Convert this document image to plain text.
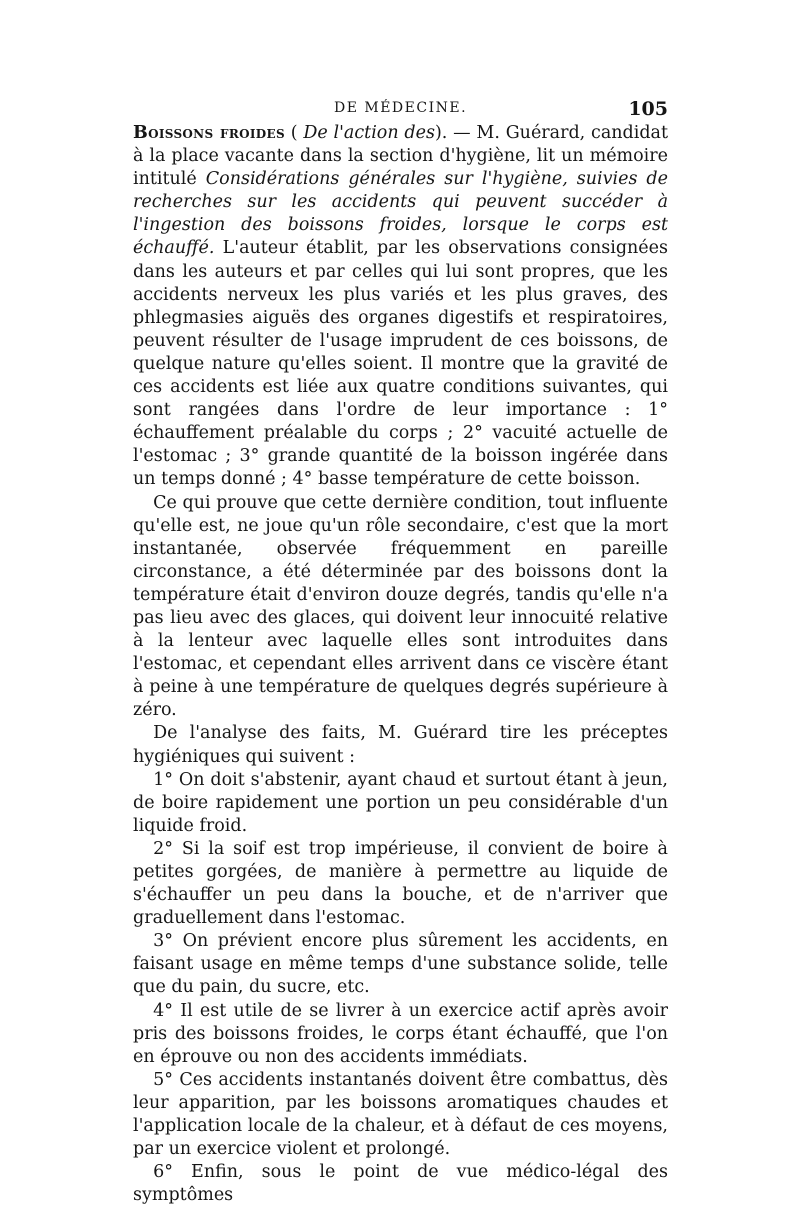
DE MÉDECINE.	105

Boissons froides ( De l'action des). — M. Guérard, candidat à la place vacante dans la section d'hygiène, lit un mémoire intitulé Considérations générales sur l'hygiène, suivies de recherches sur les accidents qui peuvent succéder à l'ingestion des boissons froides, lorsque le corps est échauffé. L'auteur établit, par les observations consignées dans les auteurs et par celles qui lui sont propres, que les accidents nerveux les plus variés et les plus graves, des phlegmasies aiguës des organes digestifs et respiratoires, peuvent résulter de l'usage imprudent de ces boissons, de quelque nature qu'elles soient. Il montre que la gravité de ces accidents est liée aux quatre conditions suivantes, qui sont rangées dans l'ordre de leur importance : 1° échauffement préalable du corps ; 2° vacuité actuelle de l'estomac ; 3° grande quantité de la boisson ingérée dans un temps donné ; 4° basse température de cette boisson.

Ce qui prouve que cette dernière condition, tout influente qu'elle est, ne joue qu'un rôle secondaire, c'est que la mort instantanée, observée fréquemment en pareille circonstance, a été déterminée par des boissons dont la température était d'environ douze degrés, tandis qu'elle n'a pas lieu avec des glaces, qui doivent leur innocuité relative à la lenteur avec laquelle elles sont introduites dans l'estomac, et cependant elles arrivent dans ce viscère étant à peine à une température de quelques degrés supérieure à zéro.

De l'analyse des faits, M. Guérard tire les préceptes hygiéniques qui suivent :

1° On doit s'abstenir, ayant chaud et surtout étant à jeun, de boire rapidement une portion un peu considérable d'un liquide froid.

2° Si la soif est trop impérieuse, il convient de boire à petites gorgées, de manière à permettre au liquide de s'échauffer un peu dans la bouche, et de n'arriver que graduellement dans l'estomac.

3° On prévient encore plus sûrement les accidents, en faisant usage en même temps d'une substance solide, telle que du pain, du sucre, etc.

4° Il est utile de se livrer à un exercice actif après avoir pris des boissons froides, le corps étant échauffé, que l'on en éprouve ou non des accidents immédiats.

5° Ces accidents instantanés doivent être combattus, dès leur apparition, par les boissons aromatiques chaudes et l'application locale de la chaleur, et à défaut de ces moyens, par un exercice violent et prolongé.

6° Enfin, sous le point de vue médico-légal des symptômes
